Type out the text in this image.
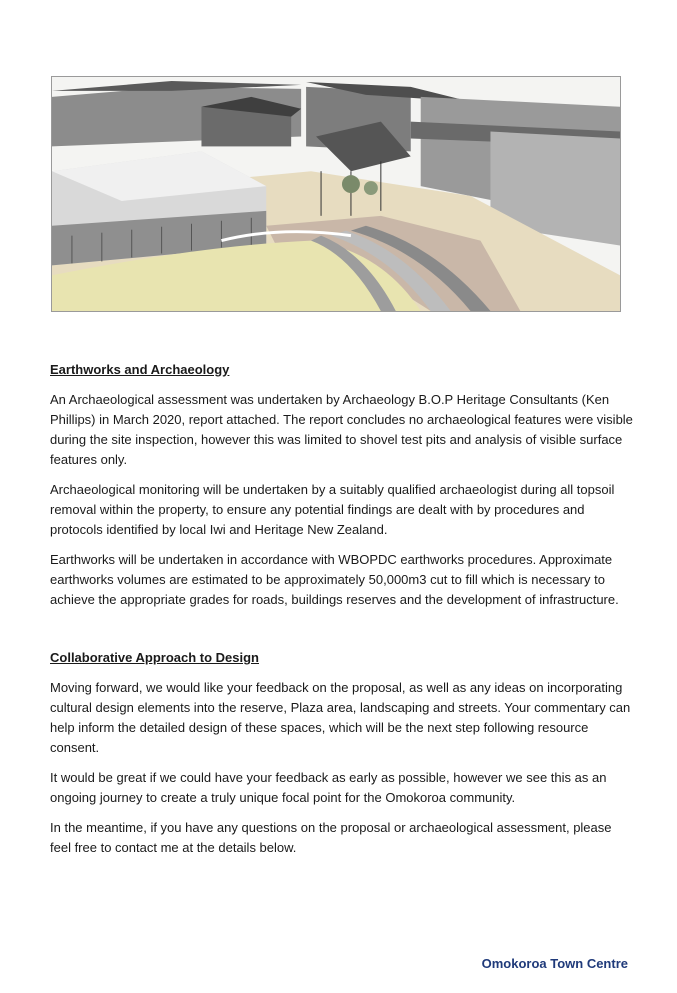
Earthworks and Archaeology

An Archaeological assessment was undertaken by Archaeology B.O.P Heritage Consultants (Ken Phillips) in March 2020, report attached. The report concludes no archaeological features were visible during the site inspection, however this was limited to shovel test pits and analysis of visible surface features only.

Archaeological monitoring will be undertaken by a suitably qualified archaeologist during all topsoil removal within the property, to ensure any potential findings are dealt with by procedures and protocols identified by local Iwi and Heritage New Zealand.

Earthworks will be undertaken in accordance with WBOPDC earthworks procedures. Approximate earthworks volumes are estimated to be approximately 50,000m3 cut to fill which is necessary to achieve the appropriate grades for roads, buildings reserves and the development of infrastructure.

Collaborative Approach to Design

Moving forward, we would like your feedback on the proposal, as well as any ideas on incorporating cultural design elements into the reserve, Plaza area, landscaping and streets. Your commentary can help inform the detailed design of these spaces, which will be the next step following resource consent.

It would be great if we could have your feedback as early as possible, however we see this as an ongoing journey to create a truly unique focal point for the Omokoroa community.

In the meantime, if you have any questions on the proposal or archaeological assessment, please feel free to contact me at the details below.

Omokoroa Town Centre
